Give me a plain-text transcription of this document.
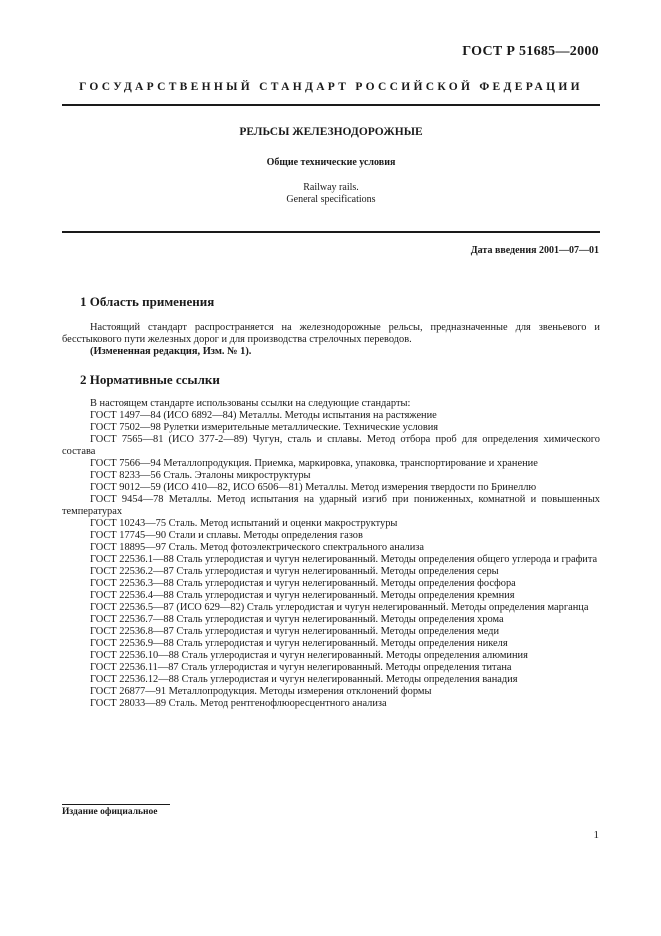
ГОСТ Р 51685—2000
ГОСУДАРСТВЕННЫЙ СТАНДАРТ РОССИЙСКОЙ ФЕДЕРАЦИИ
РЕЛЬСЫ ЖЕЛЕЗНОДОРОЖНЫЕ
Общие технические условия
Railway rails.
General specifications
Дата введения 2001—07—01
1 Область применения

Настоящий стандарт распространяется на железнодорожные рельсы, предназначенные для звеньевого и бесстыкового пути железных дорог и для производства стрелочных переводов.

(Измененная редакция, Изм. № 1).

2 Нормативные ссылки

В настоящем стандарте использованы ссылки на следующие стандарты:

ГОСТ 1497—84 (ИСО 6892—84) Металлы. Методы испытания на растяжение

ГОСТ 7502—98 Рулетки измерительные металлические. Технические условия

ГОСТ 7565—81 (ИСО 377-2—89) Чугун, сталь и сплавы. Метод отбора проб для определения химического состава

ГОСТ 7566—94 Металлопродукция. Приемка, маркировка, упаковка, транспортирование и хранение

ГОСТ 8233—56 Сталь. Эталоны микроструктуры

ГОСТ 9012—59 (ИСО 410—82, ИСО 6506—81) Металлы. Метод измерения твердости по Бринеллю

ГОСТ 9454—78 Металлы. Метод испытания на ударный изгиб при пониженных, комнатной и повышенных температурах

ГОСТ 10243—75 Сталь. Метод испытаний и оценки макроструктуры

ГОСТ 17745—90 Стали и сплавы. Методы определения газов

ГОСТ 18895—97 Сталь. Метод фотоэлектрического спектрального анализа

ГОСТ 22536.1—88 Сталь углеродистая и чугун нелегированный. Методы определения общего углерода и графита

ГОСТ 22536.2—87 Сталь углеродистая и чугун нелегированный. Методы определения серы

ГОСТ 22536.3—88 Сталь углеродистая и чугун нелегированный. Методы определения фосфора

ГОСТ 22536.4—88 Сталь углеродистая и чугун нелегированный. Методы определения кремния

ГОСТ 22536.5—87 (ИСО 629—82) Сталь углеродистая и чугун нелегированный. Методы определения марганца

ГОСТ 22536.7—88 Сталь углеродистая и чугун нелегированный. Методы определения хрома

ГОСТ 22536.8—87 Сталь углеродистая и чугун нелегированный. Методы определения меди

ГОСТ 22536.9—88 Сталь углеродистая и чугун нелегированный. Методы определения никеля

ГОСТ 22536.10—88 Сталь углеродистая и чугун нелегированный. Методы определения алюминия

ГОСТ 22536.11—87 Сталь углеродистая и чугун нелегированный. Методы определения титана

ГОСТ 22536.12—88 Сталь углеродистая и чугун нелегированный. Методы определения ванадия

ГОСТ 26877—91 Металлопродукция. Методы измерения отклонений формы

ГОСТ 28033—89 Сталь. Метод рентгенофлюоресцентного анализа

Издание официальное
1
